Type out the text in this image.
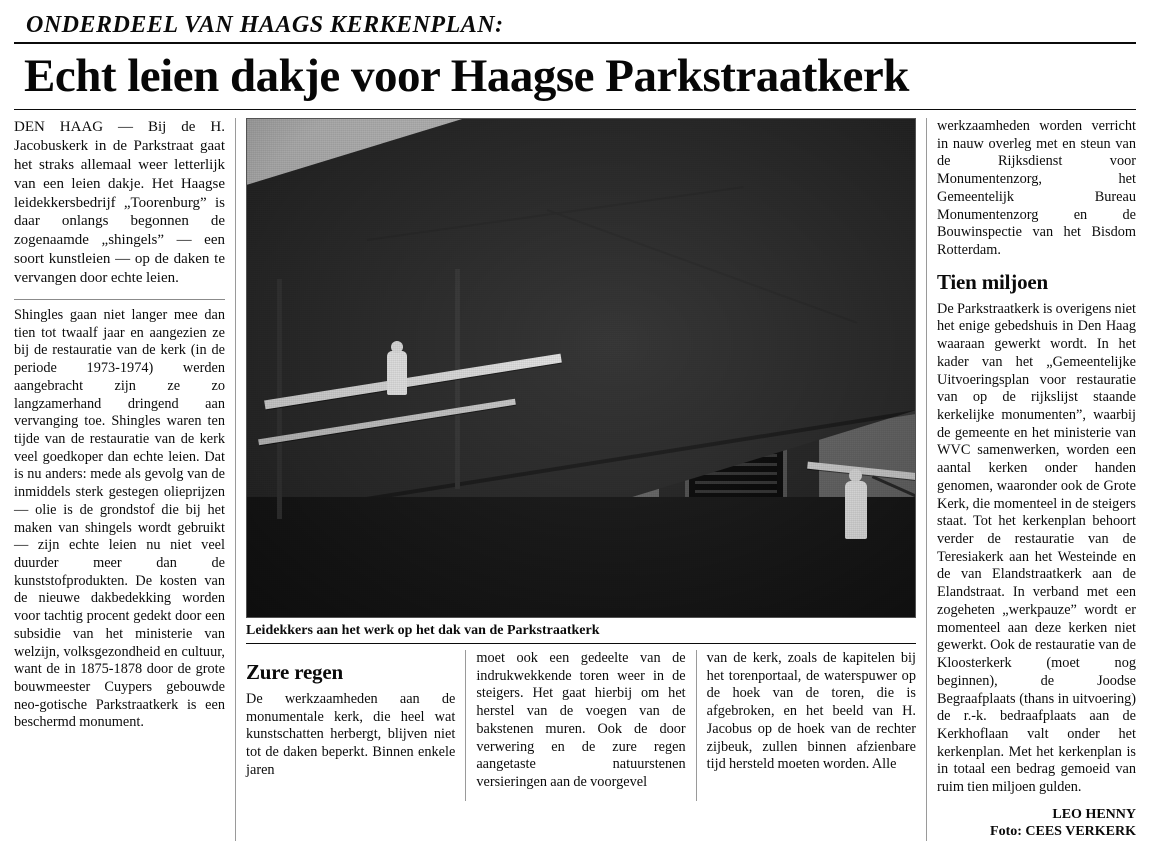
ONDERDEEL VAN HAAGS KERKENPLAN:
Echt leien dakje voor Haagse Parkstraatkerk

DEN HAAG — Bij de H. Jacobuskerk in de Parkstraat gaat het straks allemaal weer letterlijk van een leien dakje. Het Haagse leidekkersbedrijf „Toorenburg” is daar onlangs begonnen de zogenaamde „shingels” — een soort kunstleien — op de daken te vervangen door echte leien.

Shingles gaan niet langer mee dan tien tot twaalf jaar en aangezien ze bij de restauratie van de kerk (in de periode 1973-1974) werden aangebracht zijn ze zo langzamerhand dringend aan vervanging toe. Shingles waren ten tijde van de restauratie van de kerk veel goedkoper dan echte leien. Dat is nu anders: mede als gevolg van de inmiddels sterk gestegen olieprijzen — olie is de grondstof die bij het maken van shingels wordt gebruikt — zijn echte leien nu niet veel duurder meer dan de kunststofprodukten. De kosten van de nieuwe dakbedekking worden voor tachtig procent gedekt door een subsidie van het ministerie van welzijn, volksgezondheid en cultuur, want de in 1875-1878 door de grote bouwmeester Cuypers gebouwde neo-gotische Parkstraatkerk is een beschermd monument.

Leidekkers aan het werk op het dak van de Parkstraatkerk
Zure regen

De werkzaamheden aan de monumentale kerk, die heel wat kunstschatten herbergt, blijven niet tot de daken beperkt. Binnen enkele jaren

moet ook een gedeelte van de indrukwekkende toren weer in de steigers. Het gaat hierbij om het herstel van de voegen van de bakstenen muren. Ook de door verwering en de zure regen aangetaste natuurstenen versieringen aan de voorgevel

van de kerk, zoals de kapitelen bij het torenportaal, de waterspuwer op de hoek van de toren, die is afgebroken, en het beeld van H. Jacobus op de hoek van de rechter zijbeuk, zullen binnen afzienbare tijd hersteld moeten worden. Alle

werkzaamheden worden verricht in nauw overleg met en steun van de Rijksdienst voor Monumentenzorg, het Gemeentelijk Bureau Monumentenzorg en de Bouwinspectie van het Bisdom Rotterdam.

Tien miljoen

De Parkstraatkerk is overigens niet het enige gebedshuis in Den Haag waaraan gewerkt wordt. In het kader van het „Gemeentelijke Uitvoeringsplan voor restauratie van op de rijkslijst staande kerkelijke monumenten”, waarbij de gemeente en het ministerie van WVC samenwerken, worden een aantal kerken onder handen genomen, waaronder ook de Grote Kerk, die momenteel in de steigers staat. Tot het kerkenplan behoort verder de restauratie van de Teresiakerk aan het Westeinde en de van Elandstraatkerk aan de Elandstraat. In verband met een zogeheten „werkpauze” wordt er momenteel aan deze kerken niet gewerkt. Ook de restauratie van de Kloosterkerk (moet nog beginnen), de Joodse Begraafplaats (thans in uitvoering) de r.-k. bedraafplaats aan de Kerkhoflaan valt onder het kerkenplan. Met het kerkenplan is in totaal een bedrag gemoeid van ruim tien miljoen gulden.

LEO HENNY
Foto: CEES VERKERK
